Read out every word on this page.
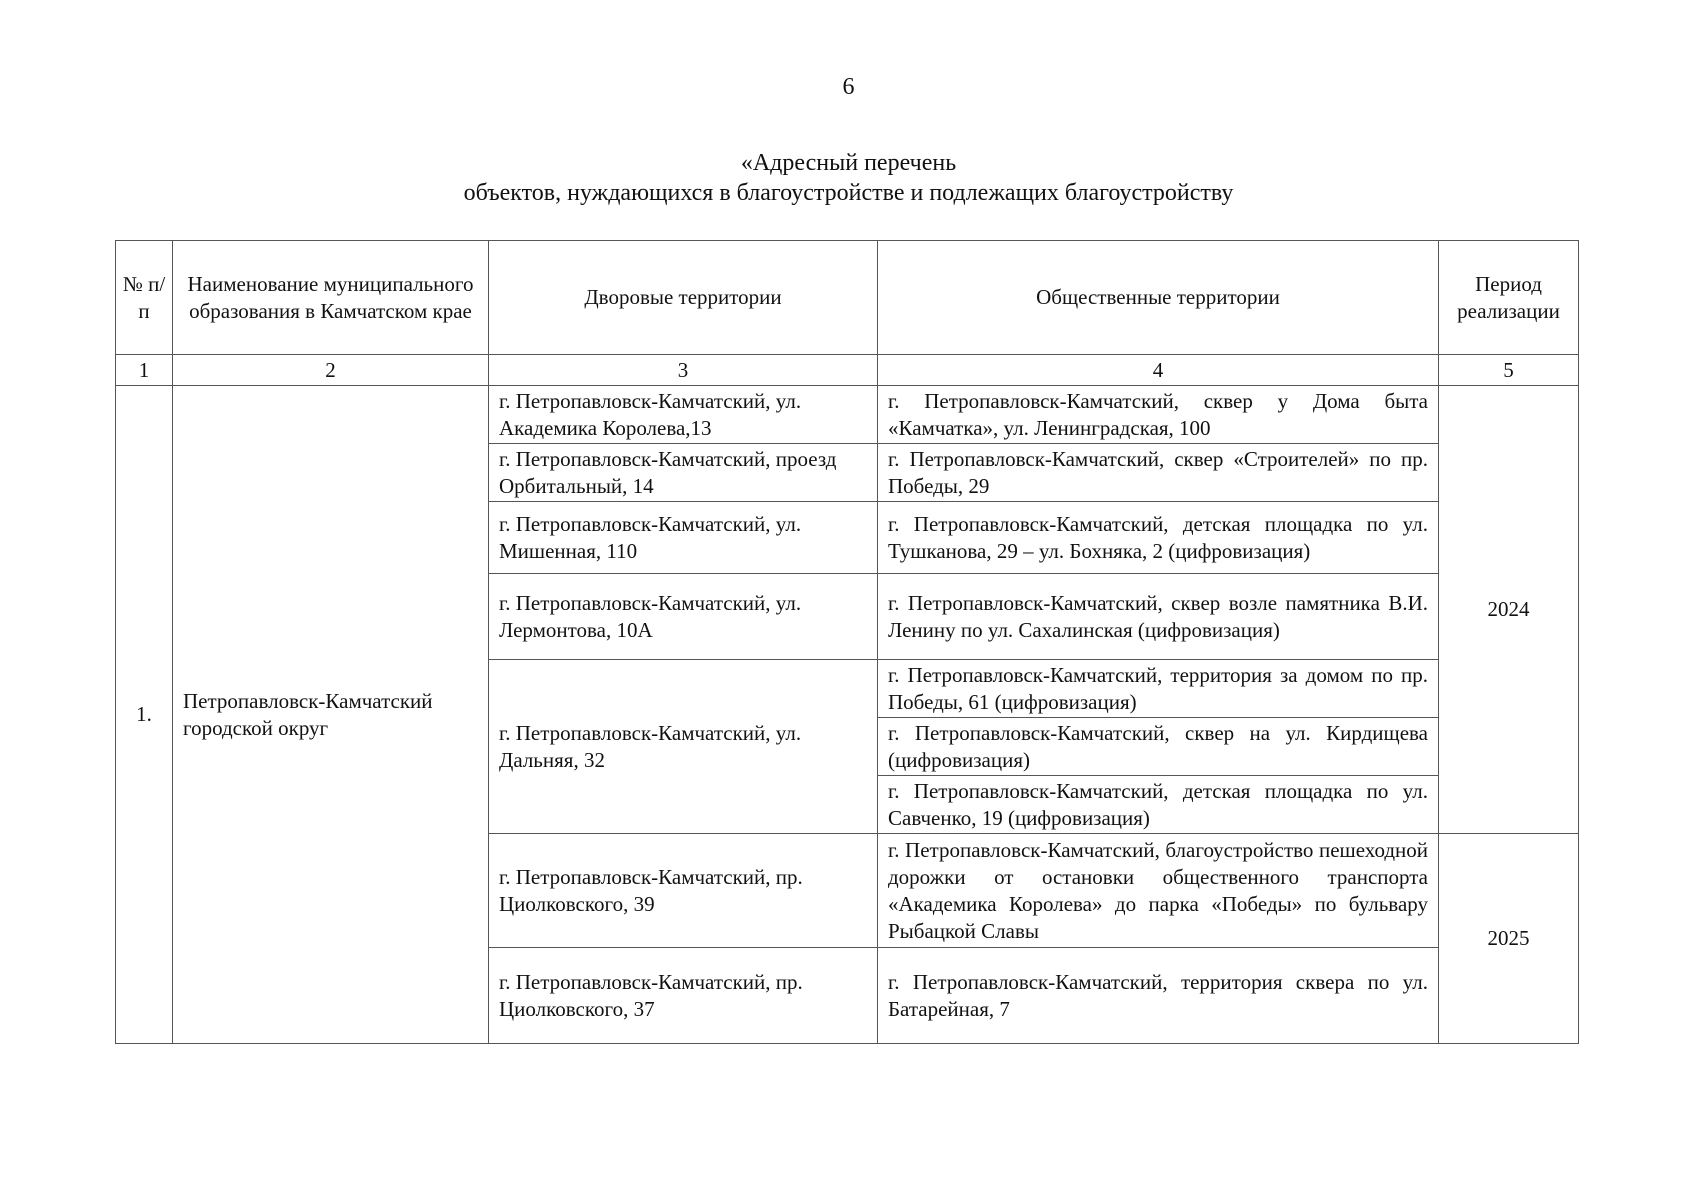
6
«Адресный перечень
объектов, нуждающихся в благоустройстве и подлежащих благоустройству
№ п/п	Наименование муниципального образования в Камчатском крае	Дворовые территории	Общественные территории	Период реализации
1	2	3	4	5
1.	Петропавловск-Камчатский городской округ	г. Петропавловск-Камчатский, ул. Академика Королева,13	г. Петропавловск-Камчатский, сквер у Дома быта «Камчатка», ул. Ленинградская, 100	2024
		г. Петропавловск-Камчатский, проезд Орбитальный, 14	г. Петропавловск-Камчатский, сквер «Строителей» по пр. Победы, 29	
		г. Петропавловск-Камчатский, ул. Мишенная, 110	г. Петропавловск-Камчатский, детская площадка по ул. Тушканова, 29 – ул. Бохняка, 2 (цифровизация)	
		г. Петропавловск-Камчатский, ул. Лермонтова, 10А	г. Петропавловск-Камчатский, сквер возле памятника В.И. Ленину по ул. Сахалинская (цифровизация)	
		г. Петропавловск-Камчатский, ул. Дальняя, 32	г. Петропавловск-Камчатский, территория за домом по пр. Победы, 61 (цифровизация)	
			г. Петропавловск-Камчатский, сквер на ул. Кирдищева (цифровизация)	
			г. Петропавловск-Камчатский, детская площадка по ул. Савченко, 19 (цифровизация)	
		г. Петропавловск-Камчатский, пр. Циолковского, 39	г. Петропавловск-Камчатский, благоустройство пешеходной дорожки от остановки общественного транспорта «Академика Королева» до парка «Победы» по бульвару Рыбацкой Славы	2025
		г. Петропавловск-Камчатский, пр. Циолковского, 37	г. Петропавловск-Камчатский, территория сквера по ул. Батарейная, 7	
